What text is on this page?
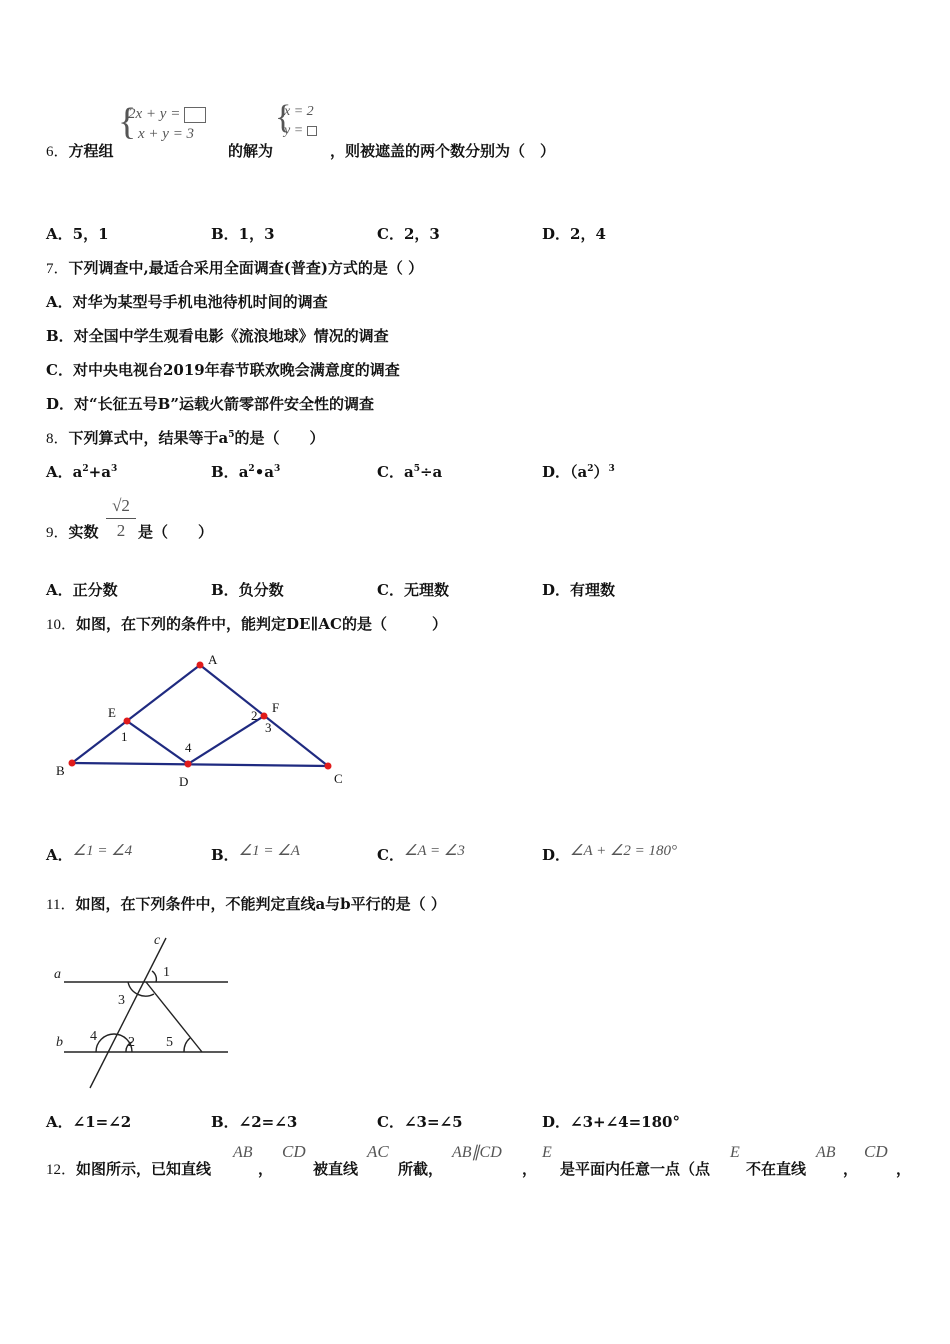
6．方程组
{
2x + y =
x + y = 3
的解为
{
x = 2
y =
，则被遮盖的两个数分别为（　）
A．5，1	B．1，3	C．2，3	D．2，4
7．下列调查中,最适合采用全面调查(普查)方式的是（ ）
A．对华为某型号手机电池待机时间的调查
B．对全国中学生观看电影《流浪地球》情况的调查
C．对中央电视台2019年春节联欢晚会满意度的调查
D．对“长征五号B”运载火箭零部件安全性的调查
8．下列算式中，结果等于$a^5$的是（　　）
A．$a^2+a^3$	B．$a^2•a^3$	C．$a^5\div a$	D．$(a^2)^3$
9．实数 $\frac{√2}{2}$ 是（　　）
A．正分数	B．负分数	C．无理数	D．有理数
10．如图，在下列的条件中，能判定DE∥AC的是（　　　）
A
B
C
D
E	F
1
2
3
4
A．∠1 = ∠4	B．∠1 = ∠A	C．∠A = ∠3	D．∠A + ∠2 = 180°
11．如图，在下列条件中，不能判定直线a与b平行的是（ ）
a
b
c
1
3
4 2 5
A．∠1=∠2	B．∠2=∠3	C．∠3=∠5	D．∠3+∠4=180°
12．如图所示，已知直线
AB
，
CD
被直线
AC
所截，
AB∥CD
，
E
是平面内任意一点（点
E
不在直线
AB
，
CD
，
